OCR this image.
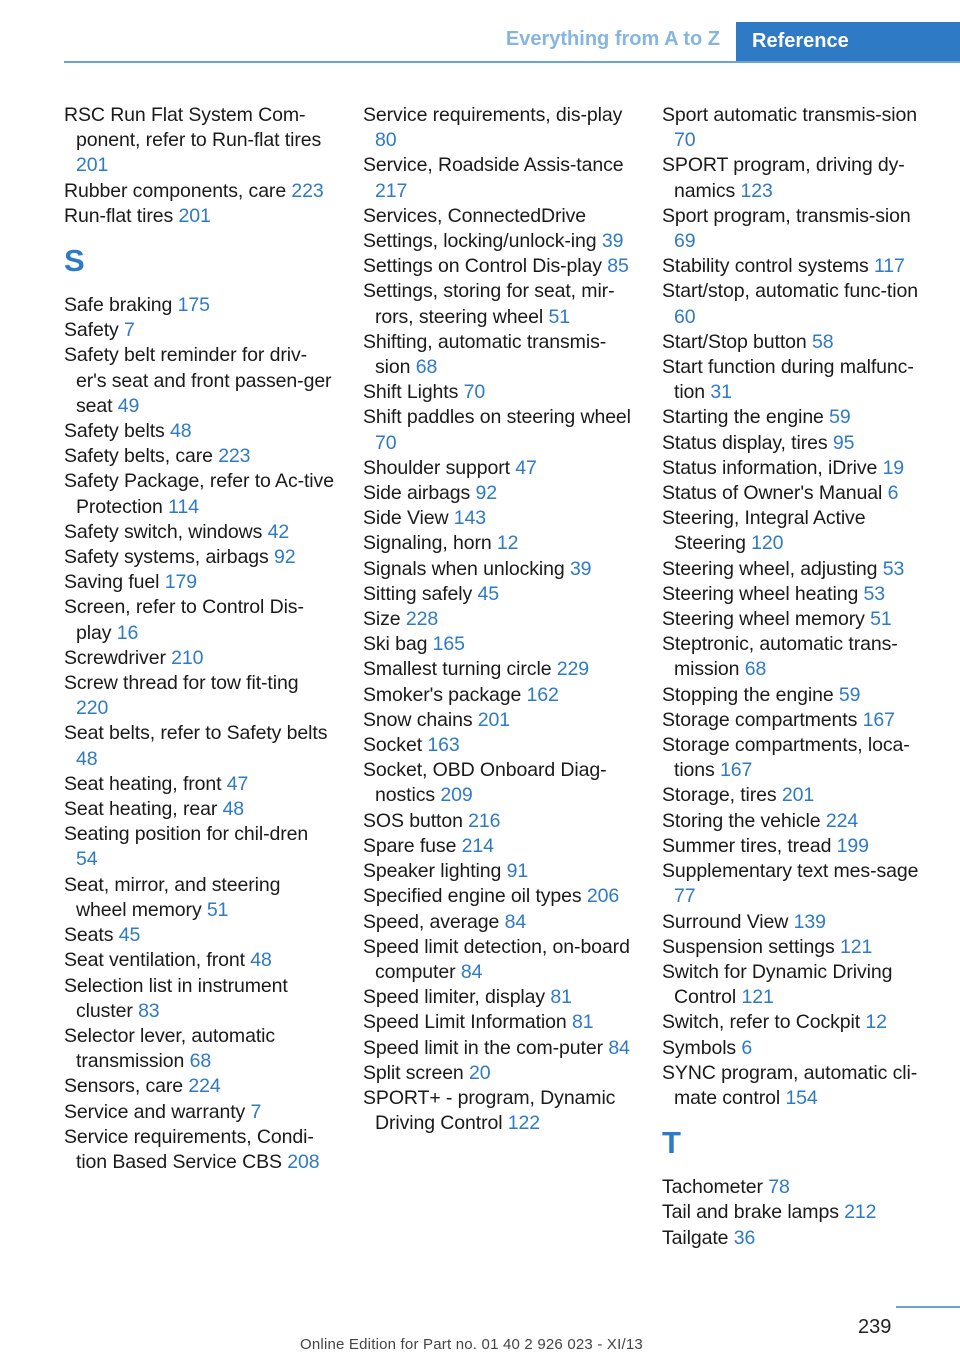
Everything from A to Z	Reference
RSC Run Flat System Com-ponent, refer to Run-flat tires 201
Rubber components, care 223
Run-flat tires 201
S
Safe braking 175
Safety 7
Safety belt reminder for driv-er's seat and front passen-ger seat 49
Safety belts 48
Safety belts, care 223
Safety Package, refer to Ac-tive Protection 114
Safety switch, windows 42
Safety systems, airbags 92
Saving fuel 179
Screen, refer to Control Dis-play 16
Screwdriver 210
Screw thread for tow fit-ting 220
Seat belts, refer to Safety belts 48
Seat heating, front 47
Seat heating, rear 48
Seating position for chil-dren 54
Seat, mirror, and steering wheel memory 51
Seats 45
Seat ventilation, front 48
Selection list in instrument cluster 83
Selector lever, automatic transmission 68
Sensors, care 224
Service and warranty 7
Service requirements, Condi-tion Based Service CBS 208
Service requirements, dis-play 80
Service, Roadside Assis-tance 217
Services, ConnectedDrive
Settings, locking/unlock-ing 39
Settings on Control Dis-play 85
Settings, storing for seat, mir-rors, steering wheel 51
Shifting, automatic transmis-sion 68
Shift Lights 70
Shift paddles on steering wheel 70
Shoulder support 47
Side airbags 92
Side View 143
Signaling, horn 12
Signals when unlocking 39
Sitting safely 45
Size 228
Ski bag 165
Smallest turning circle 229
Smoker's package 162
Snow chains 201
Socket 163
Socket, OBD Onboard Diag-nostics 209
SOS button 216
Spare fuse 214
Speaker lighting 91
Specified engine oil types 206
Speed, average 84
Speed limit detection, on-board computer 84
Speed limiter, display 81
Speed Limit Information 81
Speed limit in the com-puter 84
Split screen 20
SPORT+ - program, Dynamic Driving Control 122
Sport automatic transmis-sion 70
SPORT program, driving dy-namics 123
Sport program, transmis-sion 69
Stability control systems 117
Start/stop, automatic func-tion 60
Start/Stop button 58
Start function during malfunc-tion 31
Starting the engine 59
Status display, tires 95
Status information, iDrive 19
Status of Owner's Manual 6
Steering, Integral Active Steering 120
Steering wheel, adjusting 53
Steering wheel heating 53
Steering wheel memory 51
Steptronic, automatic trans-mission 68
Stopping the engine 59
Storage compartments 167
Storage compartments, loca-tions 167
Storage, tires 201
Storing the vehicle 224
Summer tires, tread 199
Supplementary text mes-sage 77
Surround View 139
Suspension settings 121
Switch for Dynamic Driving Control 121
Switch, refer to Cockpit 12
Symbols 6
SYNC program, automatic cli-mate control 154
T
Tachometer 78
Tail and brake lamps 212
Tailgate 36
239
Online Edition for Part no. 01 40 2 926 023 - XI/13
